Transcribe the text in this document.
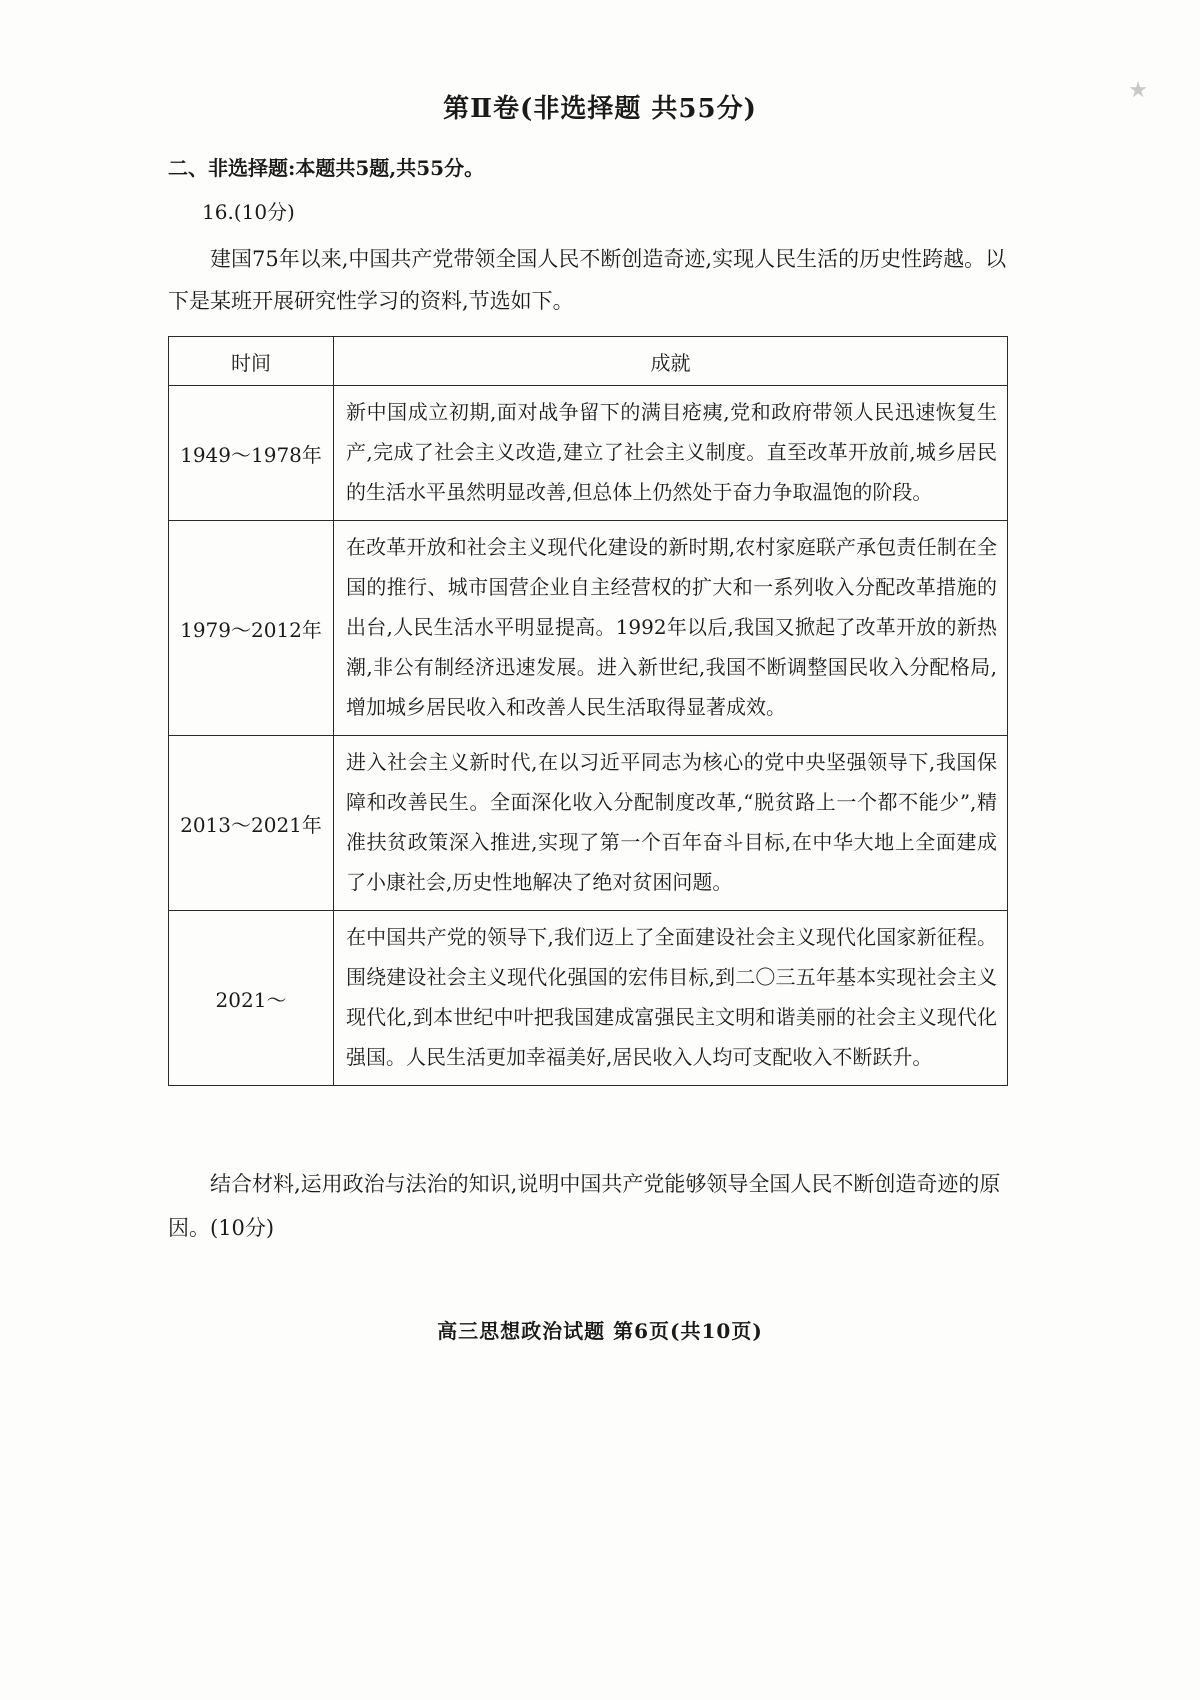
★
第Ⅱ卷(非选择题 共55分)
二、非选择题:本题共5题,共55分。
16.(10分)
建国75年以来,中国共产党带领全国人民不断创造奇迹,实现人民生活的历史性跨越。以下是某班开展研究性学习的资料,节选如下。
时间	成就
1949～1978年	新中国成立初期,面对战争留下的满目疮痍,党和政府带领人民迅速恢复生产,完成了社会主义改造,建立了社会主义制度。直至改革开放前,城乡居民的生活水平虽然明显改善,但总体上仍然处于奋力争取温饱的阶段。
1979～2012年	在改革开放和社会主义现代化建设的新时期,农村家庭联产承包责任制在全国的推行、城市国营企业自主经营权的扩大和一系列收入分配改革措施的出台,人民生活水平明显提高。1992年以后,我国又掀起了改革开放的新热潮,非公有制经济迅速发展。进入新世纪,我国不断调整国民收入分配格局,增加城乡居民收入和改善人民生活取得显著成效。
2013～2021年	进入社会主义新时代,在以习近平同志为核心的党中央坚强领导下,我国保障和改善民生。全面深化收入分配制度改革,“脱贫路上一个都不能少”,精准扶贫政策深入推进,实现了第一个百年奋斗目标,在中华大地上全面建成了小康社会,历史性地解决了绝对贫困问题。
2021～	在中国共产党的领导下,我们迈上了全面建设社会主义现代化国家新征程。围绕建设社会主义现代化强国的宏伟目标,到二〇三五年基本实现社会主义现代化,到本世纪中叶把我国建成富强民主文明和谐美丽的社会主义现代化强国。人民生活更加幸福美好,居民收入人均可支配收入不断跃升。
结合材料,运用政治与法治的知识,说明中国共产党能够领导全国人民不断创造奇迹的原因。(10分)
高三思想政治试题 第6页(共10页)
